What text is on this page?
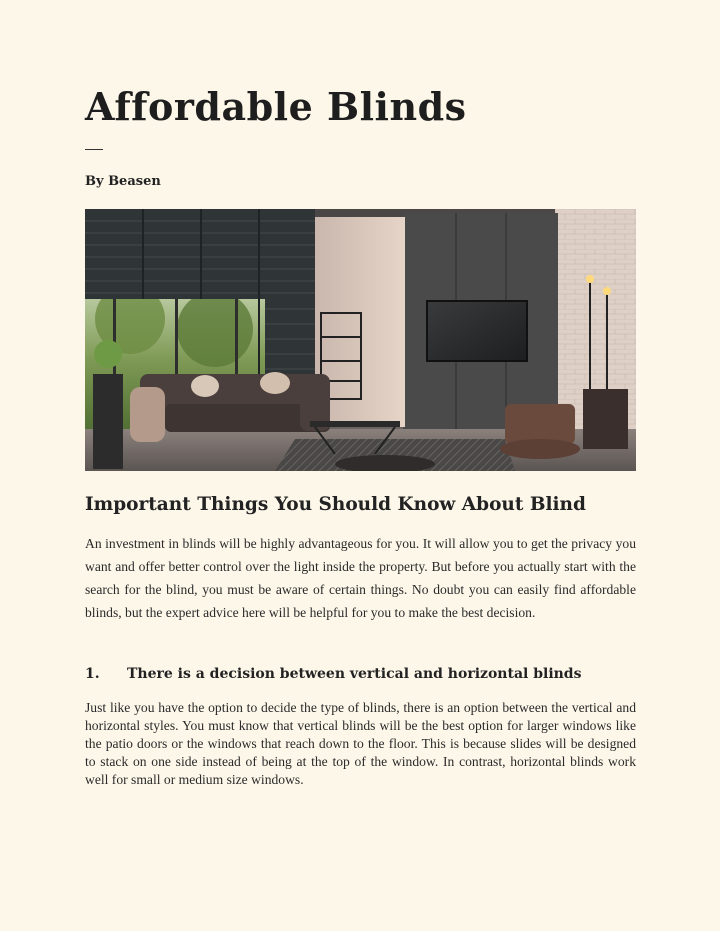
Affordable Blinds

By Beasen

Important Things You Should Know About Blind

An investment in blinds will be highly advantageous for you. It will allow you to get the privacy you want and offer better control over the light inside the property. But before you actually start with the search for the blind, you must be aware of certain things. No doubt you can easily find affordable blinds, but the expert advice here will be helpful for you to make the best decision.

1. There is a decision between vertical and horizontal blinds

Just like you have the option to decide the type of blinds, there is an option between the vertical and horizontal styles. You must know that vertical blinds will be the best option for larger windows like the patio doors or the windows that reach down to the floor. This is because slides will be designed to stack on one side instead of being at the top of the window. In contrast, horizontal blinds work well for small or medium size windows.
